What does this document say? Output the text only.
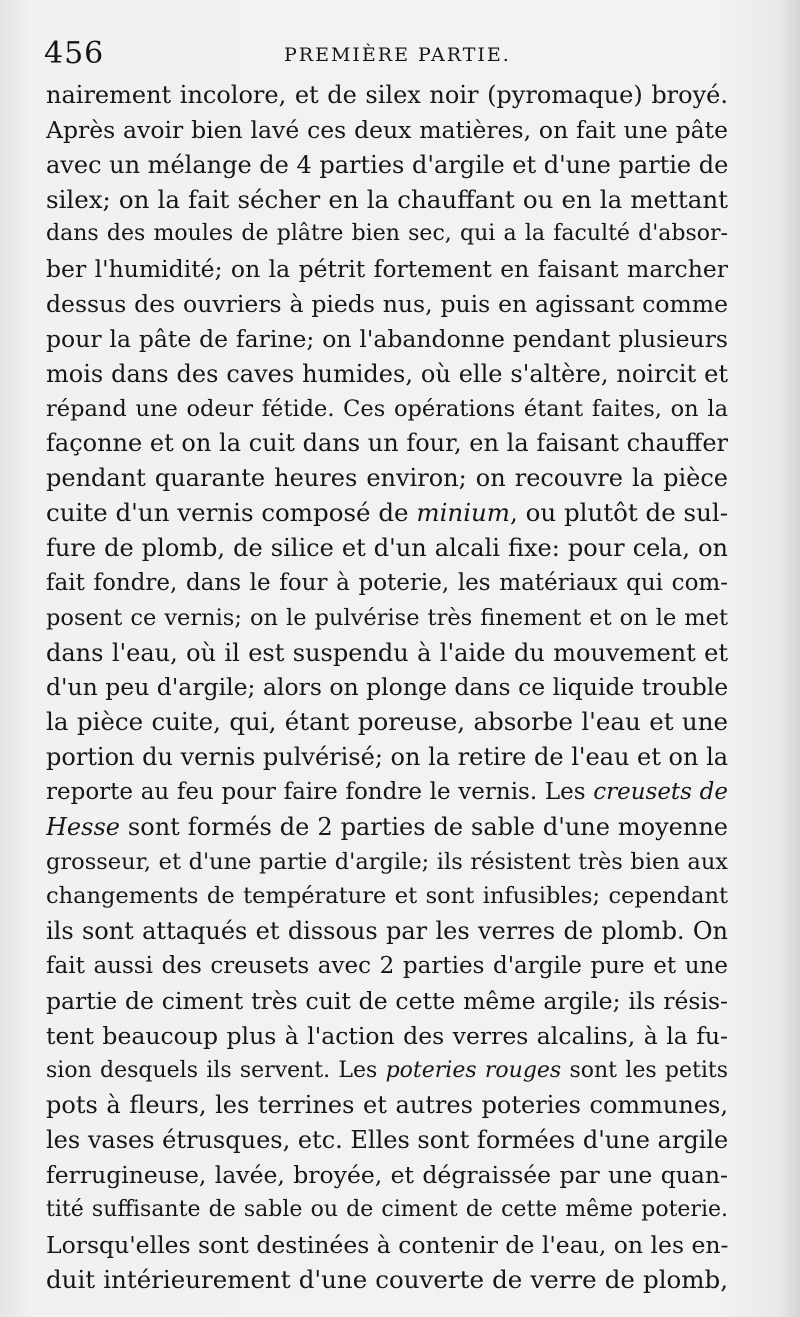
456	PREMIÈRE PARTIE.
nairement incolore, et de silex noir (pyromaque) broyé.
Après avoir bien lavé ces deux matières, on fait une pâte
avec un mélange de 4 parties d'argile et d'une partie de
silex; on la fait sécher en la chauffant ou en la mettant
dans des moules de plâtre bien sec, qui a la faculté d'absor-
ber l'humidité; on la pétrit fortement en faisant marcher
dessus des ouvriers à pieds nus, puis en agissant comme
pour la pâte de farine; on l'abandonne pendant plusieurs
mois dans des caves humides, où elle s'altère, noircit et
répand une odeur fétide. Ces opérations étant faites, on la
façonne et on la cuit dans un four, en la faisant chauffer
pendant quarante heures environ; on recouvre la pièce
cuite d'un vernis composé de minium, ou plutôt de sul-
fure de plomb, de silice et d'un alcali fixe: pour cela, on
fait fondre, dans le four à poterie, les matériaux qui com-
posent ce vernis; on le pulvérise très finement et on le met
dans l'eau, où il est suspendu à l'aide du mouvement et
d'un peu d'argile; alors on plonge dans ce liquide trouble
la pièce cuite, qui, étant poreuse, absorbe l'eau et une
portion du vernis pulvérisé; on la retire de l'eau et on la
reporte au feu pour faire fondre le vernis. Les creusets de
Hesse sont formés de 2 parties de sable d'une moyenne
grosseur, et d'une partie d'argile; ils résistent très bien aux
changements de température et sont infusibles; cependant
ils sont attaqués et dissous par les verres de plomb. On
fait aussi des creusets avec 2 parties d'argile pure et une
partie de ciment très cuit de cette même argile; ils résis-
tent beaucoup plus à l'action des verres alcalins, à la fu-
sion desquels ils servent. Les poteries rouges sont les petits
pots à fleurs, les terrines et autres poteries communes,
les vases étrusques, etc. Elles sont formées d'une argile
ferrugineuse, lavée, broyée, et dégraissée par une quan-
tité suffisante de sable ou de ciment de cette même poterie.
Lorsqu'elles sont destinées à contenir de l'eau, on les en-
duit intérieurement d'une couverte de verre de plomb,
